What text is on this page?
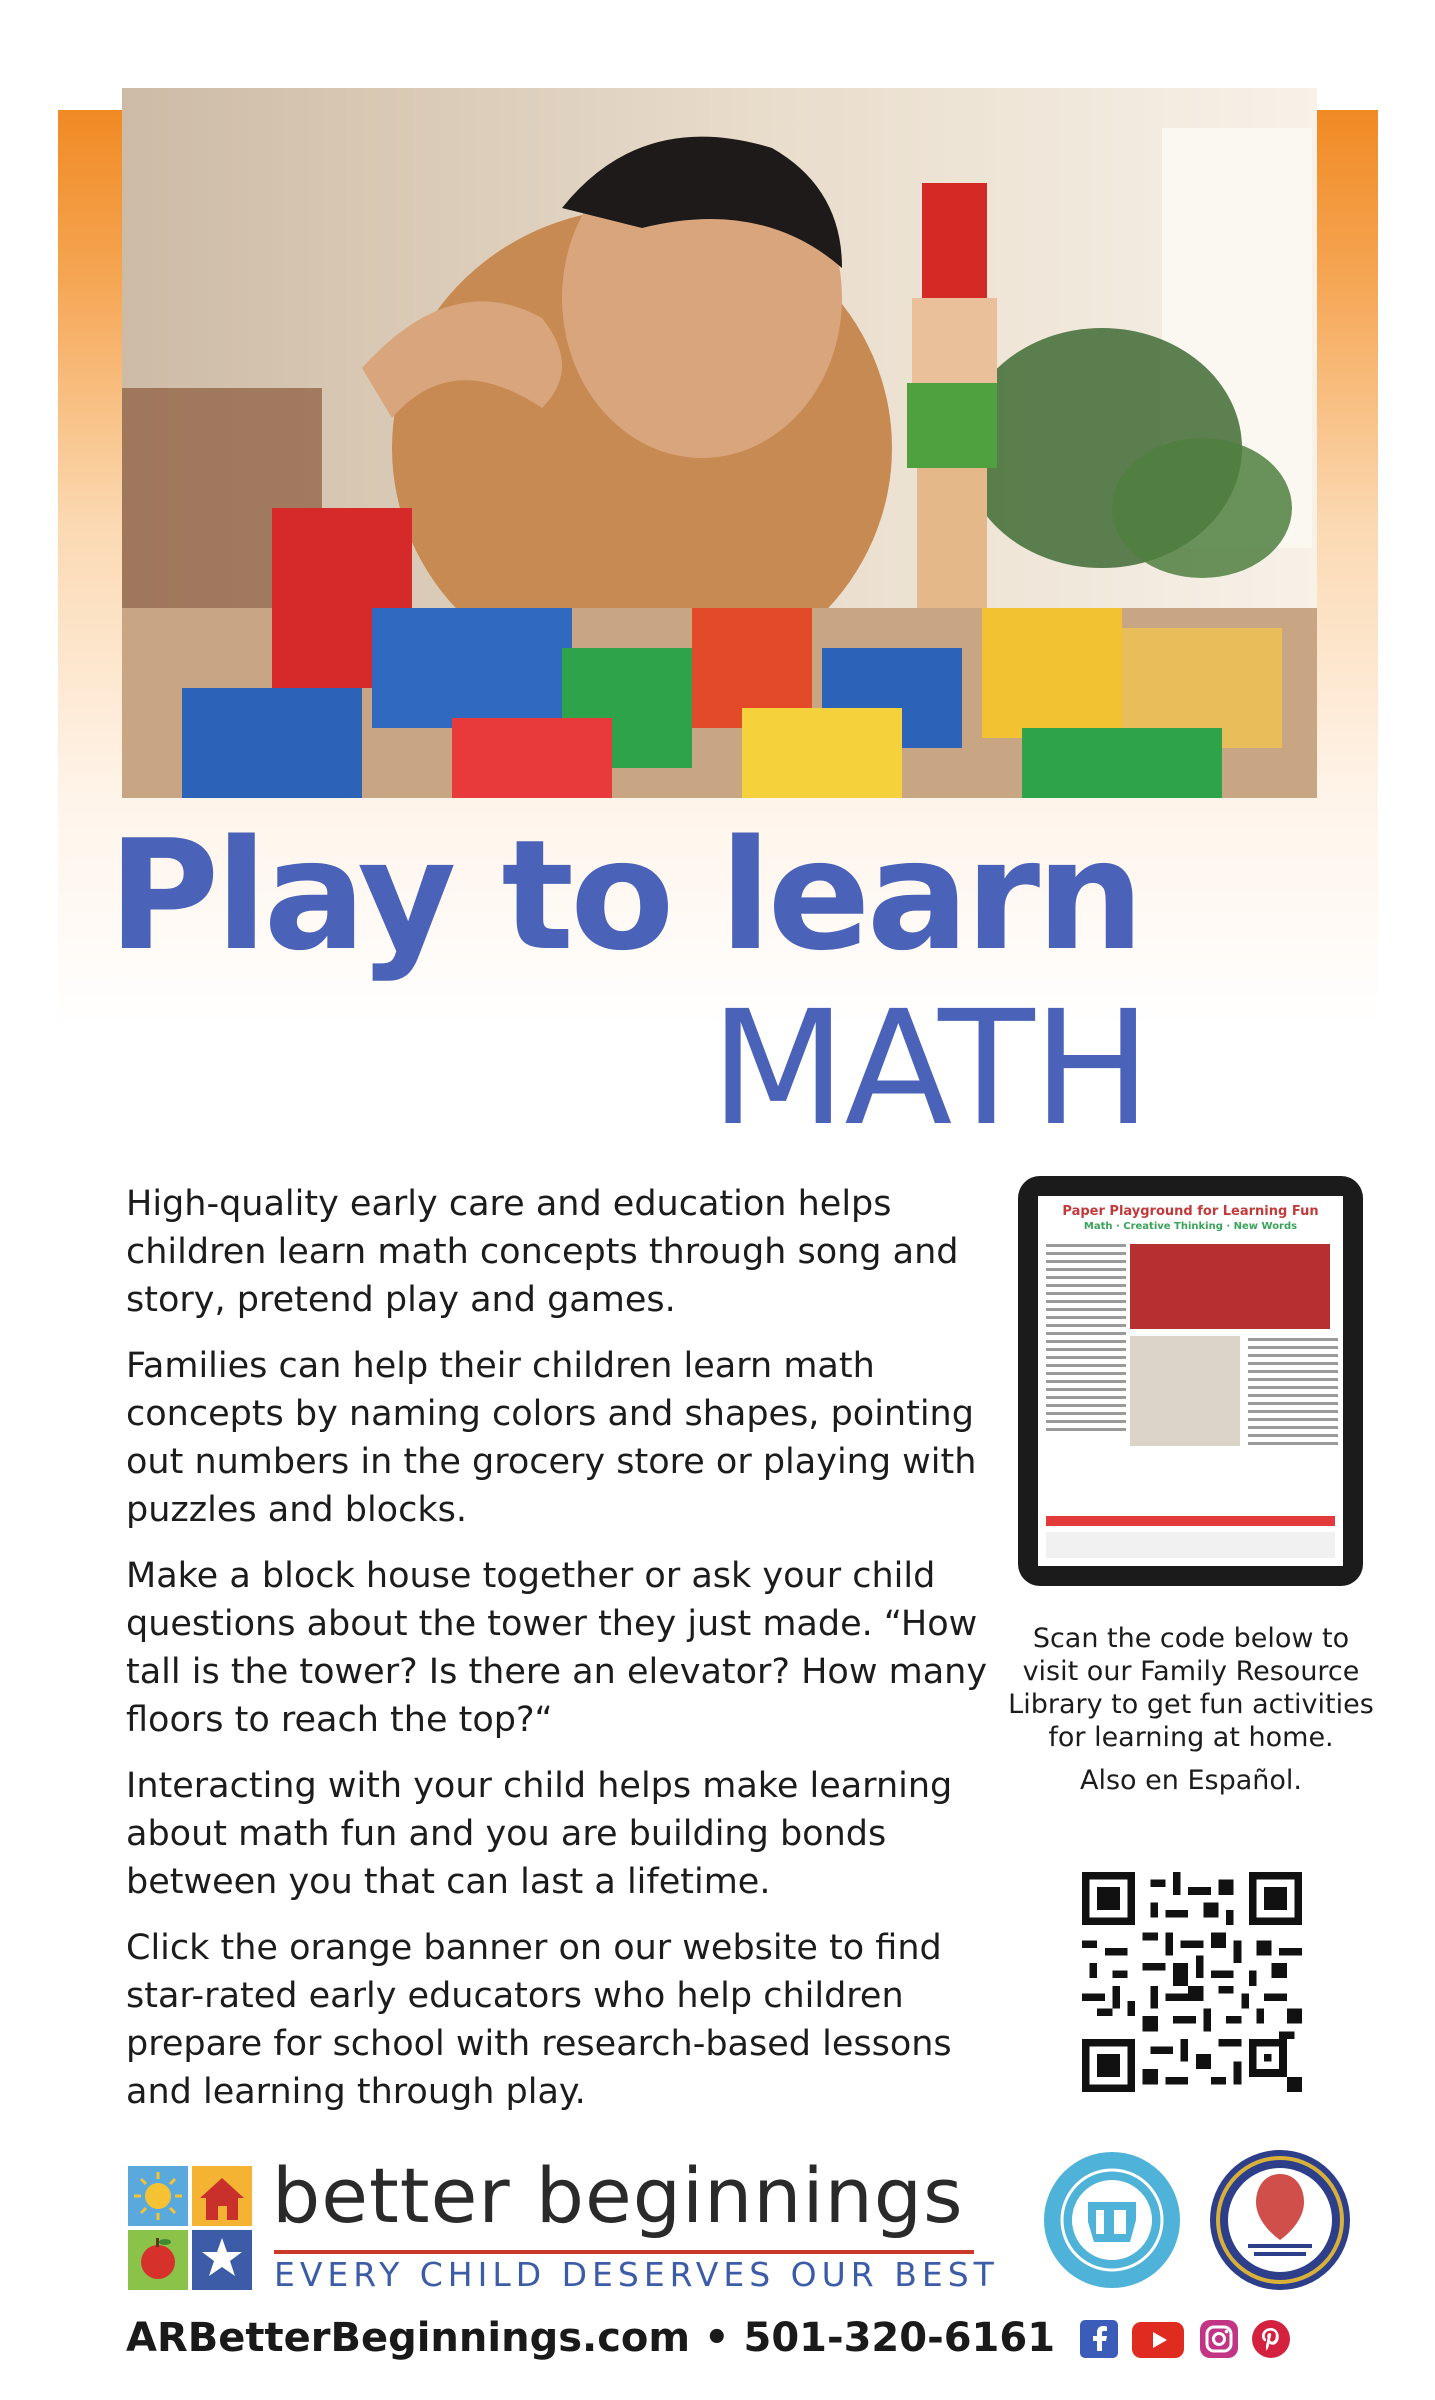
Play to learn
MATH

High-quality early care and education helps children learn math concepts through song and story, pretend play and games.

Families can help their children learn math concepts by naming colors and shapes, pointing out numbers in the grocery store or playing with puzzles and blocks.

Make a block house together or ask your child questions about the tower they just made. “How tall is the tower? Is there an elevator? How many floors to reach the top?“

Interacting with your child helps make learning about math fun and you are building bonds between you that can last a lifetime.

Click the orange banner on our website to find star-rated early educators who help children prepare for school with research-based lessons and learning through play.

Paper Playground for Learning Fun
Math · Creative Thinking · New Words

Scan the code below to visit our Family Resource Library to get fun activities for learning at home.

Also en Español.

better beginnings
EVERY CHILD DESERVES OUR BEST
ARBetterBeginnings.com • 501-320-6161
